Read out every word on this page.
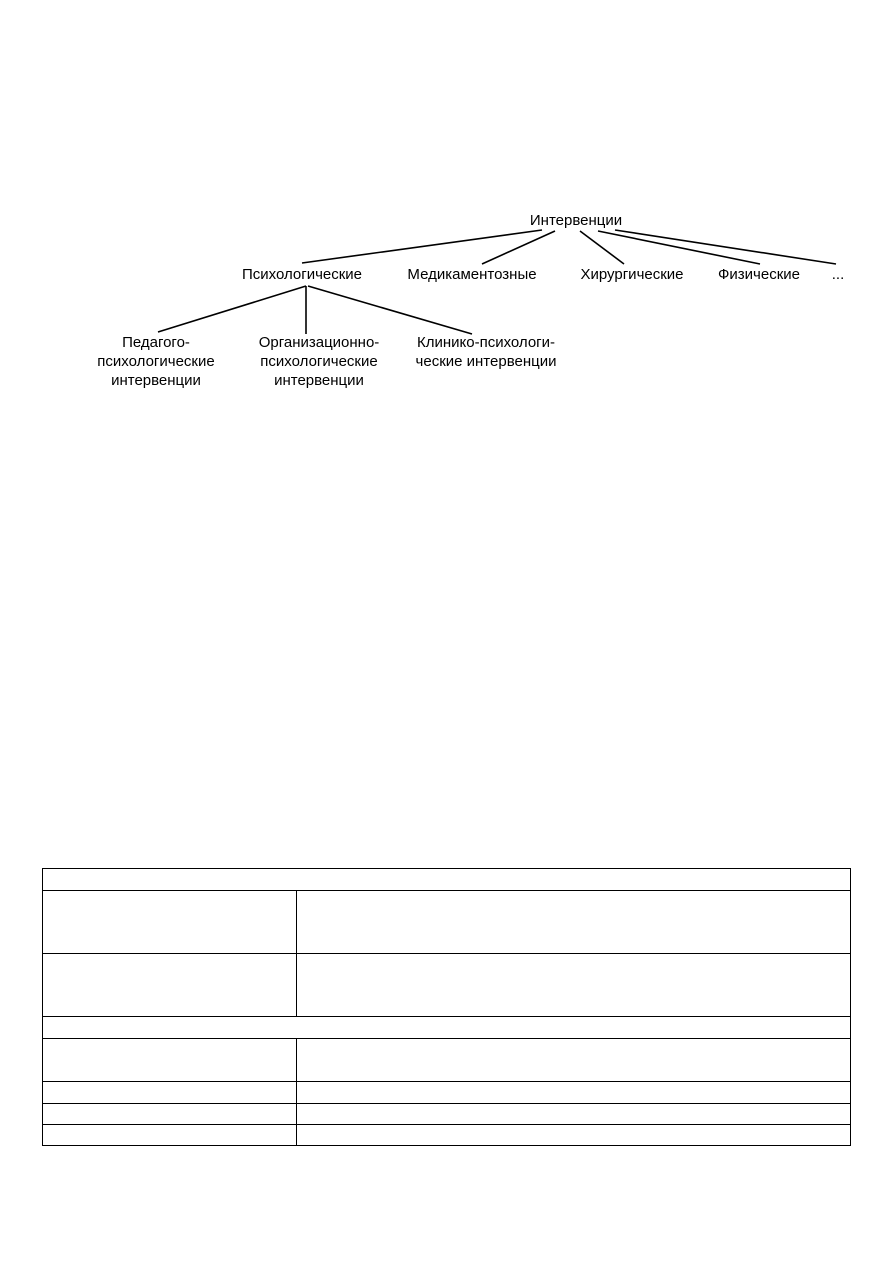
Интервенции
Психологические	Медикаментозные	Хирургические Физические ...
Педагого-
психологические
интервенции
Организационно-
психологические
интервенции
Клинико-психологи-
ческие интервенции
